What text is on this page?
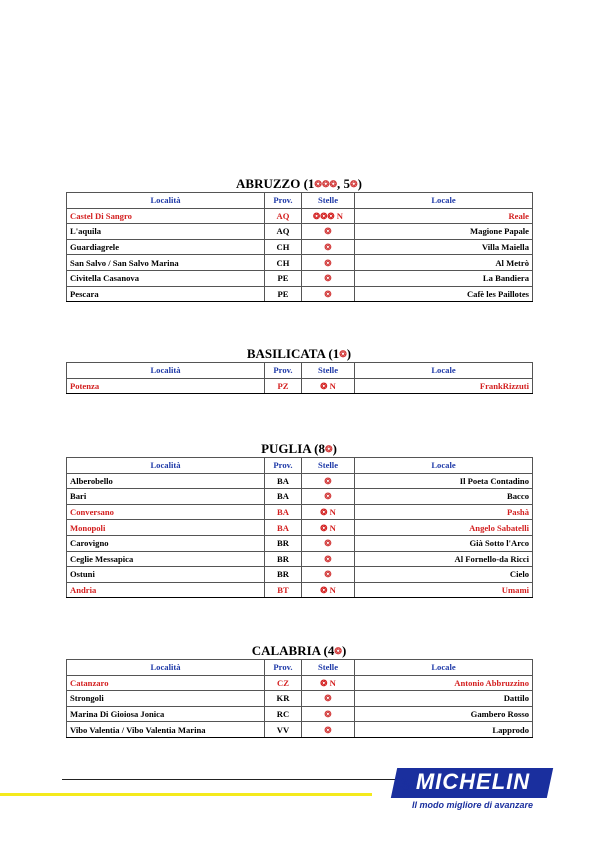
ABRUZZO (1❂❂❂, 5❂)
Località	Prov.	Stelle	Locale
Castel Di Sangro	AQ	❂❂❂ N	Reale
L'aquila	AQ	❂	Magione Papale
Guardiagrele	CH	❂	Villa Maiella
San Salvo / San Salvo Marina	CH	❂	Al Metrò
Civitella Casanova	PE	❂	La Bandiera
Pescara	PE	❂	Cafè les Paillotes
BASILICATA (1❂)
Località	Prov.	Stelle	Locale
Potenza	PZ	❂ N	FrankRizzuti
PUGLIA (8❂)
Località	Prov.	Stelle	Locale
Alberobello	BA	❂	Il Poeta Contadino
Bari	BA	❂	Bacco
Conversano	BA	❂ N	Pashà
Monopoli	BA	❂ N	Angelo Sabatelli
Carovigno	BR	❂	Già Sotto l'Arco
Ceglie Messapica	BR	❂	Al Fornello-da Ricci
Ostuni	BR	❂	Cielo
Andria	BT	❂ N	Umami
CALABRIA (4❂)
Località	Prov.	Stelle	Locale
Catanzaro	CZ	❂ N	Antonio Abbruzzino
Strongoli	KR	❂	Dattilo
Marina Di Gioiosa Jonica	RC	❂	Gambero Rosso
Vibo Valentia / Vibo Valentia Marina	VV	❂	Lapprodo
MICHELIN
☃
Il modo migliore di avanzare
